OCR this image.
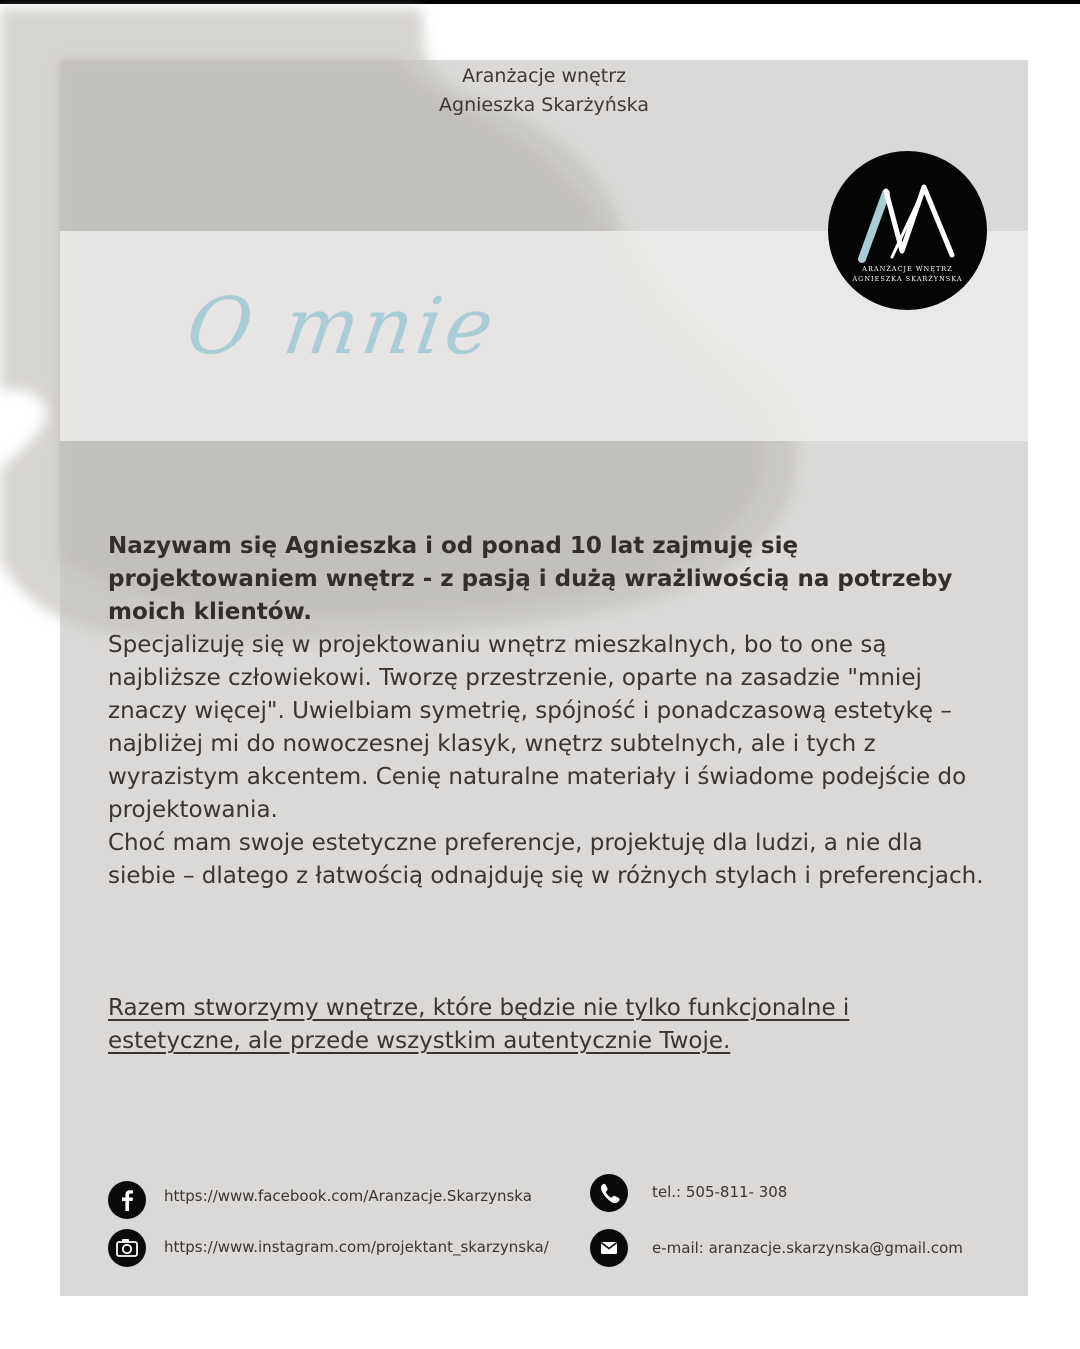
Aranżacje wnętrz
Agnieszka Skarżyńska
ARANŻACJE WNĘTRZ
AGNIESZKA SKARŻYŃSKA
O mnie

Nazywam się Agnieszka i od ponad 10 lat zajmuję się projektowaniem wnętrz - z pasją i dużą wrażliwością na potrzeby moich klientów.

Specjalizuję się w projektowaniu wnętrz mieszkalnych, bo to one są najbliższe człowiekowi. Tworzę przestrzenie, oparte na zasadzie "mniej znaczy więcej". Uwielbiam symetrię, spójność i ponadczasową estetykę – najbliżej mi do nowoczesnej klasyk, wnętrz subtelnych, ale i tych z wyrazistym akcentem. Cenię naturalne materiały i świadome podejście do projektowania.

Choć mam swoje estetyczne preferencje, projektuję dla ludzi, a nie dla siebie – dlatego z łatwością odnajduję się w różnych stylach i preferencjach.

Razem stworzymy wnętrze, które będzie nie tylko funkcjonalne i estetyczne, ale przede wszystkim autentycznie Twoje.

https://www.facebook.com/Aranzacje.Skarzynska
https://www.instagram.com/projektant_skarzynska/
tel.: 505-811- 308
e-mail: aranzacje.skarzynska@gmail.com
